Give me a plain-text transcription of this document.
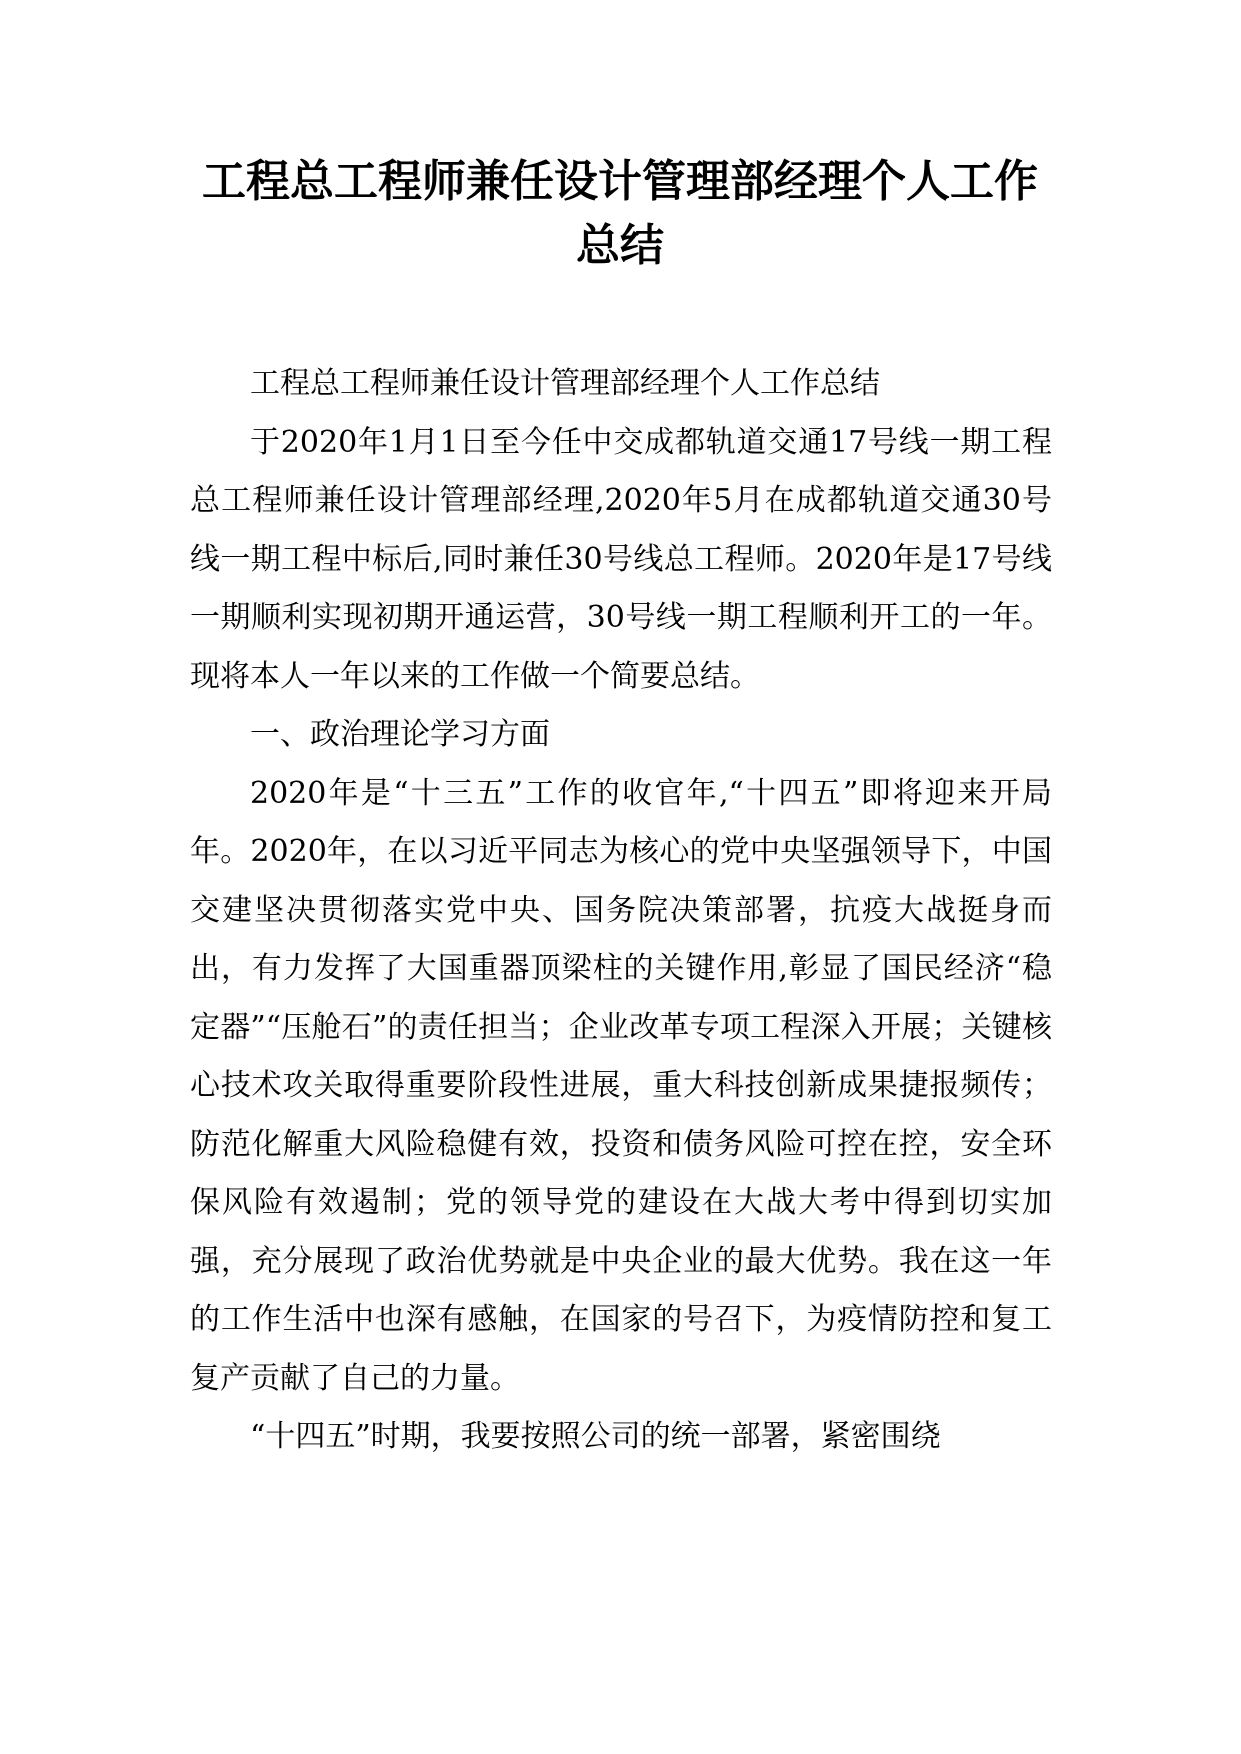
工程总工程师兼任设计管理部经理个人工作总结

工程总工程师兼任设计管理部经理个人工作总结

于2020年1月1日至今任中交成都轨道交通17号线一期工程总工程师兼任设计管理部经理,2020年5月在成都轨道交通30号线一期工程中标后,同时兼任30号线总工程师。2020年是17号线一期顺利实现初期开通运营，30号线一期工程顺利开工的一年。现将本人一年以来的工作做一个简要总结。

一、政治理论学习方面

2020年是“十三五”工作的收官年,“十四五”即将迎来开局年。2020年，在以习近平同志为核心的党中央坚强领导下，中国交建坚决贯彻落实党中央、国务院决策部署，抗疫大战挺身而出，有力发挥了大国重器顶梁柱的关键作用,彰显了国民经济“稳定器”“压舱石”的责任担当；企业改革专项工程深入开展；关键核心技术攻关取得重要阶段性进展，重大科技创新成果捷报频传；防范化解重大风险稳健有效，投资和债务风险可控在控，安全环保风险有效遏制；党的领导党的建设在大战大考中得到切实加强，充分展现了政治优势就是中央企业的最大优势。我在这一年的工作生活中也深有感触，在国家的号召下，为疫情防控和复工复产贡献了自己的力量。

“十四五”时期，我要按照公司的统一部署，紧密围绕
